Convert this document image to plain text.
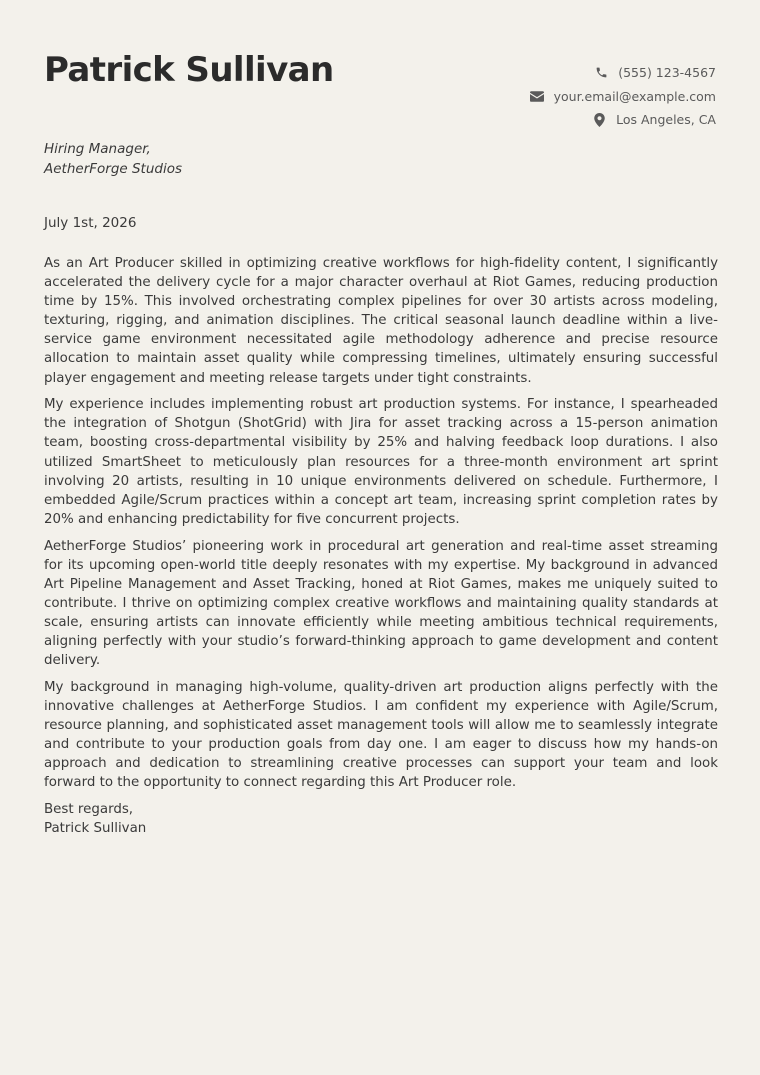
Patrick Sullivan	(555) 123-4567
your.email@example.com
Los Angeles, CA
Hiring Manager,
AetherForge Studios
July 1st, 2026

As an Art Producer skilled in optimizing creative workflows for high-fidelity content, I significantly accelerated the delivery cycle for a major character overhaul at Riot Games, reducing production time by 15%. This involved orchestrating complex pipelines for over 30 artists across modeling, texturing, rigging, and animation disciplines. The critical seasonal launch deadline within a live-service game environment necessitated agile methodology adherence and precise resource allocation to maintain asset quality while compressing timelines, ultimately ensuring successful player engagement and meeting release targets under tight constraints.

My experience includes implementing robust art production systems. For instance, I spearheaded the integration of Shotgun (ShotGrid) with Jira for asset tracking across a 15-person animation team, boosting cross-departmental visibility by 25% and halving feedback loop durations. I also utilized SmartSheet to meticulously plan resources for a three-month environment art sprint involving 20 artists, resulting in 10 unique environments delivered on schedule. Furthermore, I embedded Agile/Scrum practices within a concept art team, increasing sprint completion rates by 20% and enhancing predictability for five concurrent projects.

AetherForge Studios’ pioneering work in procedural art generation and real-time asset streaming for its upcoming open-world title deeply resonates with my expertise. My background in advanced Art Pipeline Management and Asset Tracking, honed at Riot Games, makes me uniquely suited to contribute. I thrive on optimizing complex creative workflows and maintaining quality standards at scale, ensuring artists can innovate efficiently while meeting ambitious technical requirements, aligning perfectly with your studio’s forward-thinking approach to game development and content delivery.

My background in managing high-volume, quality-driven art production aligns perfectly with the innovative challenges at AetherForge Studios. I am confident my experience with Agile/Scrum, resource planning, and sophisticated asset management tools will allow me to seamlessly integrate and contribute to your production goals from day one. I am eager to discuss how my hands-on approach and dedication to streamlining creative processes can support your team and look forward to the opportunity to connect regarding this Art Producer role.

Best regards,
Patrick Sullivan
